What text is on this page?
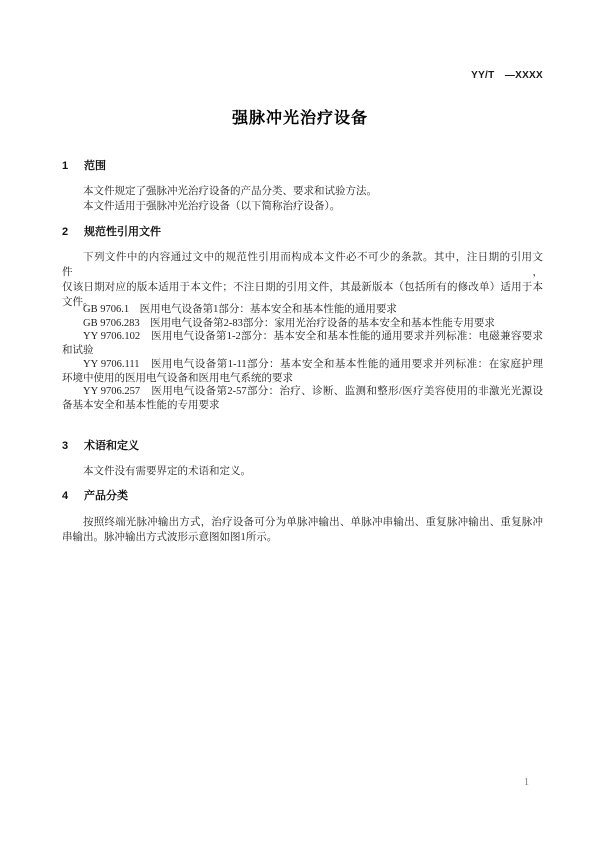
YY/T　—XXXX
强脉冲光治疗设备
1 范围
本文件规定了强脉冲光治疗设备的产品分类、要求和试验方法。
本文件适用于强脉冲光治疗设备（以下简称治疗设备）。
2 规范性引用文件
下列文件中的内容通过文中的规范性引用而构成本文件必不可少的条款。其中，注日期的引用文件，
仅该日期对应的版本适用于本文件；不注日期的引用文件，其最新版本（包括所有的修改单）适用于本
文件。
GB 9706.1　医用电气设备第1部分：基本安全和基本性能的通用要求
GB 9706.283　医用电气设备第2-83部分：家用光治疗设备的基本安全和基本性能专用要求
YY 9706.102　医用电气设备第1-2部分：基本安全和基本性能的通用要求并列标准：电磁兼容要求
和试验
YY 9706.111　医用电气设备第1-11部分：基本安全和基本性能的通用要求并列标准：在家庭护理
环境中使用的医用电气设备和医用电气系统的要求
YY 9706.257　医用电气设备第2-57部分：治疗、诊断、监测和整形/医疗美容使用的非激光光源设
备基本安全和基本性能的专用要求
3 术语和定义
本文件没有需要界定的术语和定义。
4 产品分类
按照终端光脉冲输出方式，治疗设备可分为单脉冲输出、单脉冲串输出、重复脉冲输出、重复脉冲
串输出。脉冲输出方式波形示意图如图1所示。
1
